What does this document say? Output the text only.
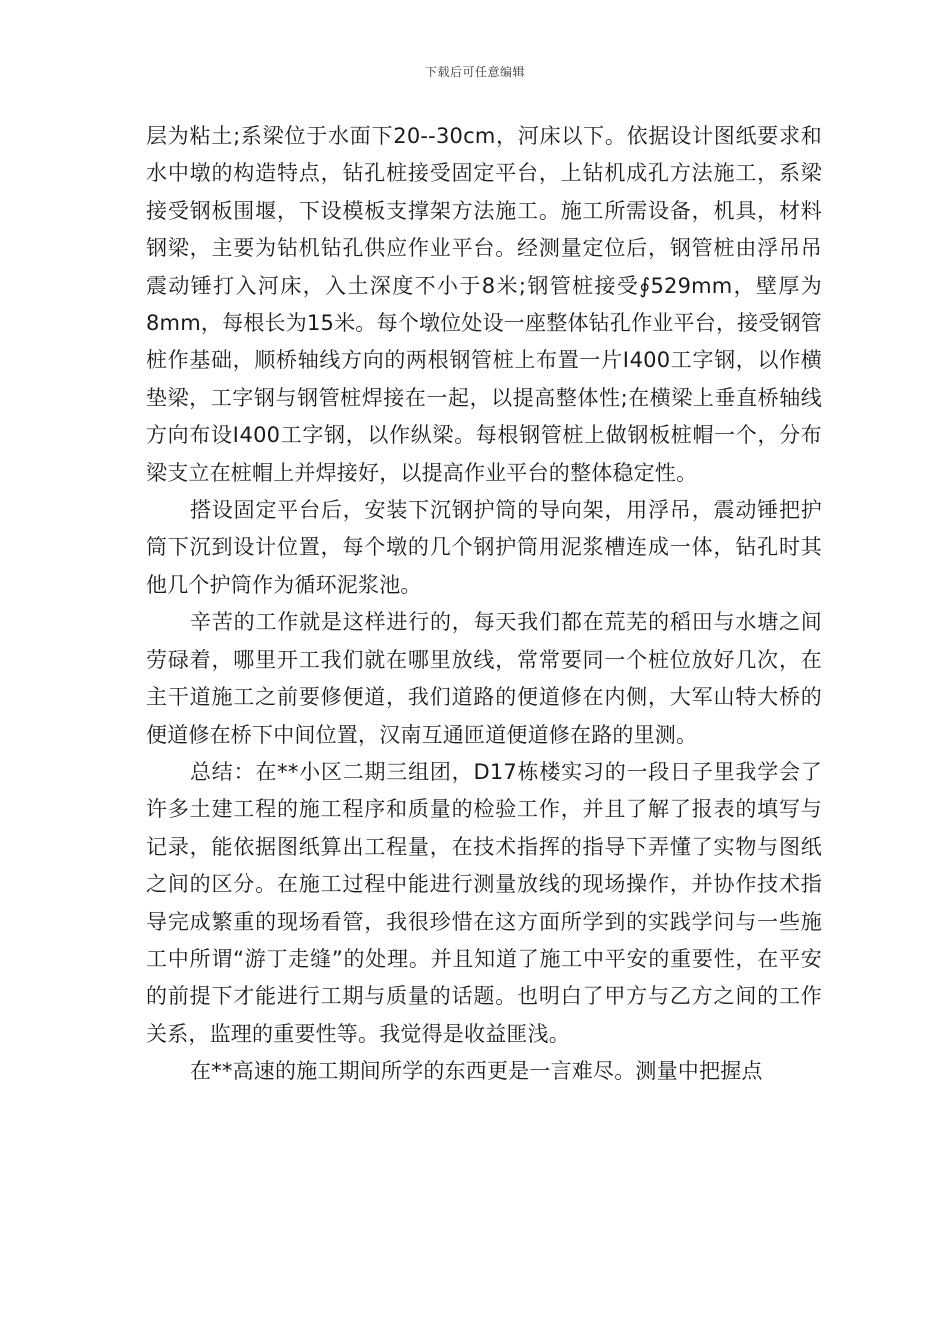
下载后可任意编辑

层为粘土;系梁位于水面下20--30cm，河床以下。依据设计图纸要求和水中墩的构造特点，钻孔桩接受固定平台，上钻机成孔方法施工，系梁接受钢板围堰，下设模板支撑架方法施工。施工所需设备，机具，材料钢梁，主要为钻机钻孔供应作业平台。经测量定位后，钢管桩由浮吊吊震动锤打入河床，入土深度不小于8米;钢管桩接受∮529mm，壁厚为8mm，每根长为15米。每个墩位处设一座整体钻孔作业平台，接受钢管桩作基础，顺桥轴线方向的两根钢管桩上布置一片Ⅰ400工字钢，以作横垫梁，工字钢与钢管桩焊接在一起，以提高整体性;在横梁上垂直桥轴线方向布设Ⅰ400工字钢，以作纵梁。每根钢管桩上做钢板桩帽一个，分布梁支立在桩帽上并焊接好，以提高作业平台的整体稳定性。

搭设固定平台后，安装下沉钢护筒的导向架，用浮吊，震动锤把护筒下沉到设计位置，每个墩的几个钢护筒用泥浆槽连成一体，钻孔时其他几个护筒作为循环泥浆池。

辛苦的工作就是这样进行的，每天我们都在荒芜的稻田与水塘之间劳碌着，哪里开工我们就在哪里放线，常常要同一个桩位放好几次，在主干道施工之前要修便道，我们道路的便道修在内侧，大军山特大桥的便道修在桥下中间位置，汉南互通匝道便道修在路的里测。

总结：在**小区二期三组团，D17栋楼实习的一段日子里我学会了许多土建工程的施工程序和质量的检验工作，并且了解了报表的填写与记录，能依据图纸算出工程量，在技术指挥的指导下弄懂了实物与图纸之间的区分。在施工过程中能进行测量放线的现场操作，并协作技术指导完成繁重的现场看管，我很珍惜在这方面所学到的实践学问与一些施工中所谓“游丁走缝”的处理。并且知道了施工中平安的重要性，在平安的前提下才能进行工期与质量的话题。也明白了甲方与乙方之间的工作关系，监理的重要性等。我觉得是收益匪浅。

在**高速的施工期间所学的东西更是一言难尽。测量中把握点
